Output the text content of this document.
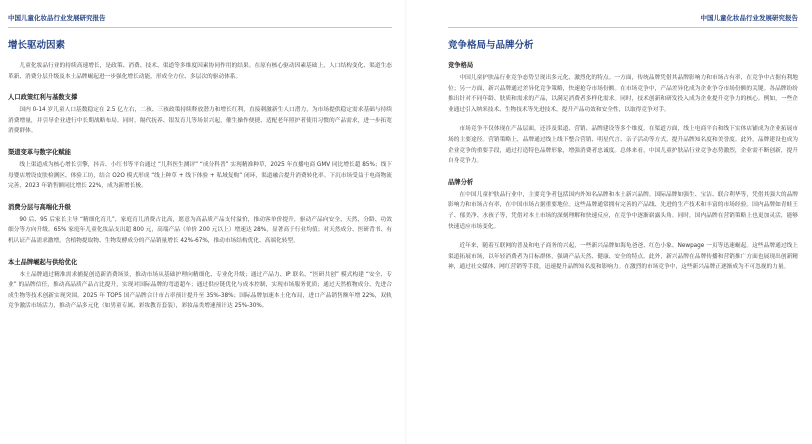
中国儿童化妆品行业发展研究报告
增长驱动因素

儿童化妆品行业的持续高速增长，是政策、消费、技术、渠道等多维度因素协同作用的结果。在原有核心驱动因素基础上，人口结构变化、渠道生态革新、消费分层升级及本土品牌崛起进一步强化增长动能，形成全方位、多层次的驱动体系。

人口政策红利与基数支撑

国内 0-14 岁儿童人口基数稳定在 2.5 亿左右，二孩、三孩政策持续释放潜力和增长红利，直接刺激新生人口潜力，为市场提供稳定需求基础与持续消费增量，并引导企业进行中长期战略布局。同时，隔代抚养、银发育儿等场景兴起，催生操作便捷、适配老年照护者使用习惯的产品需求，进一步拓宽消费群体。

渠道变革与数字化赋能

线上渠道成为核心增长引擎，抖音、小红书等平台通过 “儿科医生测评” “成分科普” 实现精准种草，2025 年直播电商 GMV 同比增长超 85%；线下母婴店增设皮肤检测区、体验工坊，结合 O2O 模式形成 “线上种草 + 线下体验 + 私域复购” 闭环，渠道融合提升消费转化率。下沉市场受益于电商物流完善，2023 年销售额同比增长 22%，成为新增长极。

消费分层与高端化升级

90 后、95 后家长主导 “精细化育儿”，家庭育儿消费占比高，愿意为高品质产品支付溢价，推动客单价提升，驱动产品向安全、天然、分龄、功效细分等方向升级。65% 家庭年儿童化妆品支出超 800 元，高端产品（单价 200 元以上）增速达 28%，显著高于行业均值；对天然成分、医研背书、有机认证产品需求激增，含植物提取物、生物发酵成分的产品销量增长 42%-67%，推动市场结构优化、高端化转型。

本土品牌崛起与供给优化

本土品牌通过精准需求捕捉创造新消费场景，推动市场从基础护理向精细化、专业化升级；通过产品力、IP 联名、“医研共创” 模式构建 “安全、专业” 的品牌信任，推动高品质产品占比提升，实现对国际品牌的弯道超车；通过供应链优化与成本控制，实现市场服务优质；通过天然植物成分、先进合成生物等技术创新实现突围。2025 年 TOP5 国产品牌合计市占率预计提升至 35%-38%；国际品牌加速本土化布局，进口产品销售额年增 22%，双轨竞争激活市场活力，推动产品多元化（如男童专属、彩妆教育套装），彩妆品类增速预计达 25%-30%。

中国儿童化妆品行业发展研究报告
竞争格局与品牌分析
竞争格局

中国儿童护肤品行业竞争态势呈现出多元化、激烈化的特点。一方面，传统品牌凭借其品牌影响力和市场占有率，在竞争中占据有利地位；另一方面，新兴品牌通过差异化竞争策略，快速抢夺市场份额。在市场竞争中，产品差异化成为企业争夺市场份额的关键。各品牌纷纷推出针对不同年龄、肤质和需求的产品，以满足消费者多样化需求。同时，技术创新和研发投入成为企业提升竞争力的核心。例如，一些企业通过引入纳米技术、生物技术等先进技术，提升产品功效和安全性，以取得竞争对手。

市场竞争不仅体现在产品层面，还涉及渠道、营销、品牌建设等多个维度。在渠道方面，线上电商平台和线下实体店铺成为企业拓展市场的主要途径。营销策略上，品牌通过线上线下整合营销、明星代言、亲子活动等方式，提升品牌知名度和美誉度。此外，品牌建设也成为企业竞争的重要手段，通过打造特色品牌形象，增强消费者忠诚度。总体来看，中国儿童护肤品行业竞争态势激烈，企业需不断创新，提升自身竞争力。

品牌分析

在中国儿童护肤品行业中，主要竞争者包括国内外知名品牌和本土新兴品牌。国际品牌如强生、宝洁、联合利华等，凭借其强大的品牌影响力和市场占有率，在中国市场占据重要地位。这些品牌通常拥有完善的产品线、先进的生产技术和丰富的市场经验。国内品牌如青蛙王子、郁美净、水孩子等，凭借对本土市场的深刻理解和快速反应，在竞争中逐渐崭露头角。同时，国内品牌在营销策略上也更加灵活，能够快速适应市场变化。

近年来，随着互联网的普及和电子商务的兴起，一些新兴品牌如海龟爸爸、红色小象、Newpage 一页等迅速崛起。这些品牌通过线上渠道拓展市场，以年轻消费者为目标群体，强调产品天然、健康、安全的特点。此外，新兴品牌在品牌传播和营销推广方面也展现出创新精神，通过社交媒体、网红营销等手段，迅速提升品牌知名度和影响力。在激烈的市场竞争中，这些新兴品牌正逐渐成为不可忽视的力量。
